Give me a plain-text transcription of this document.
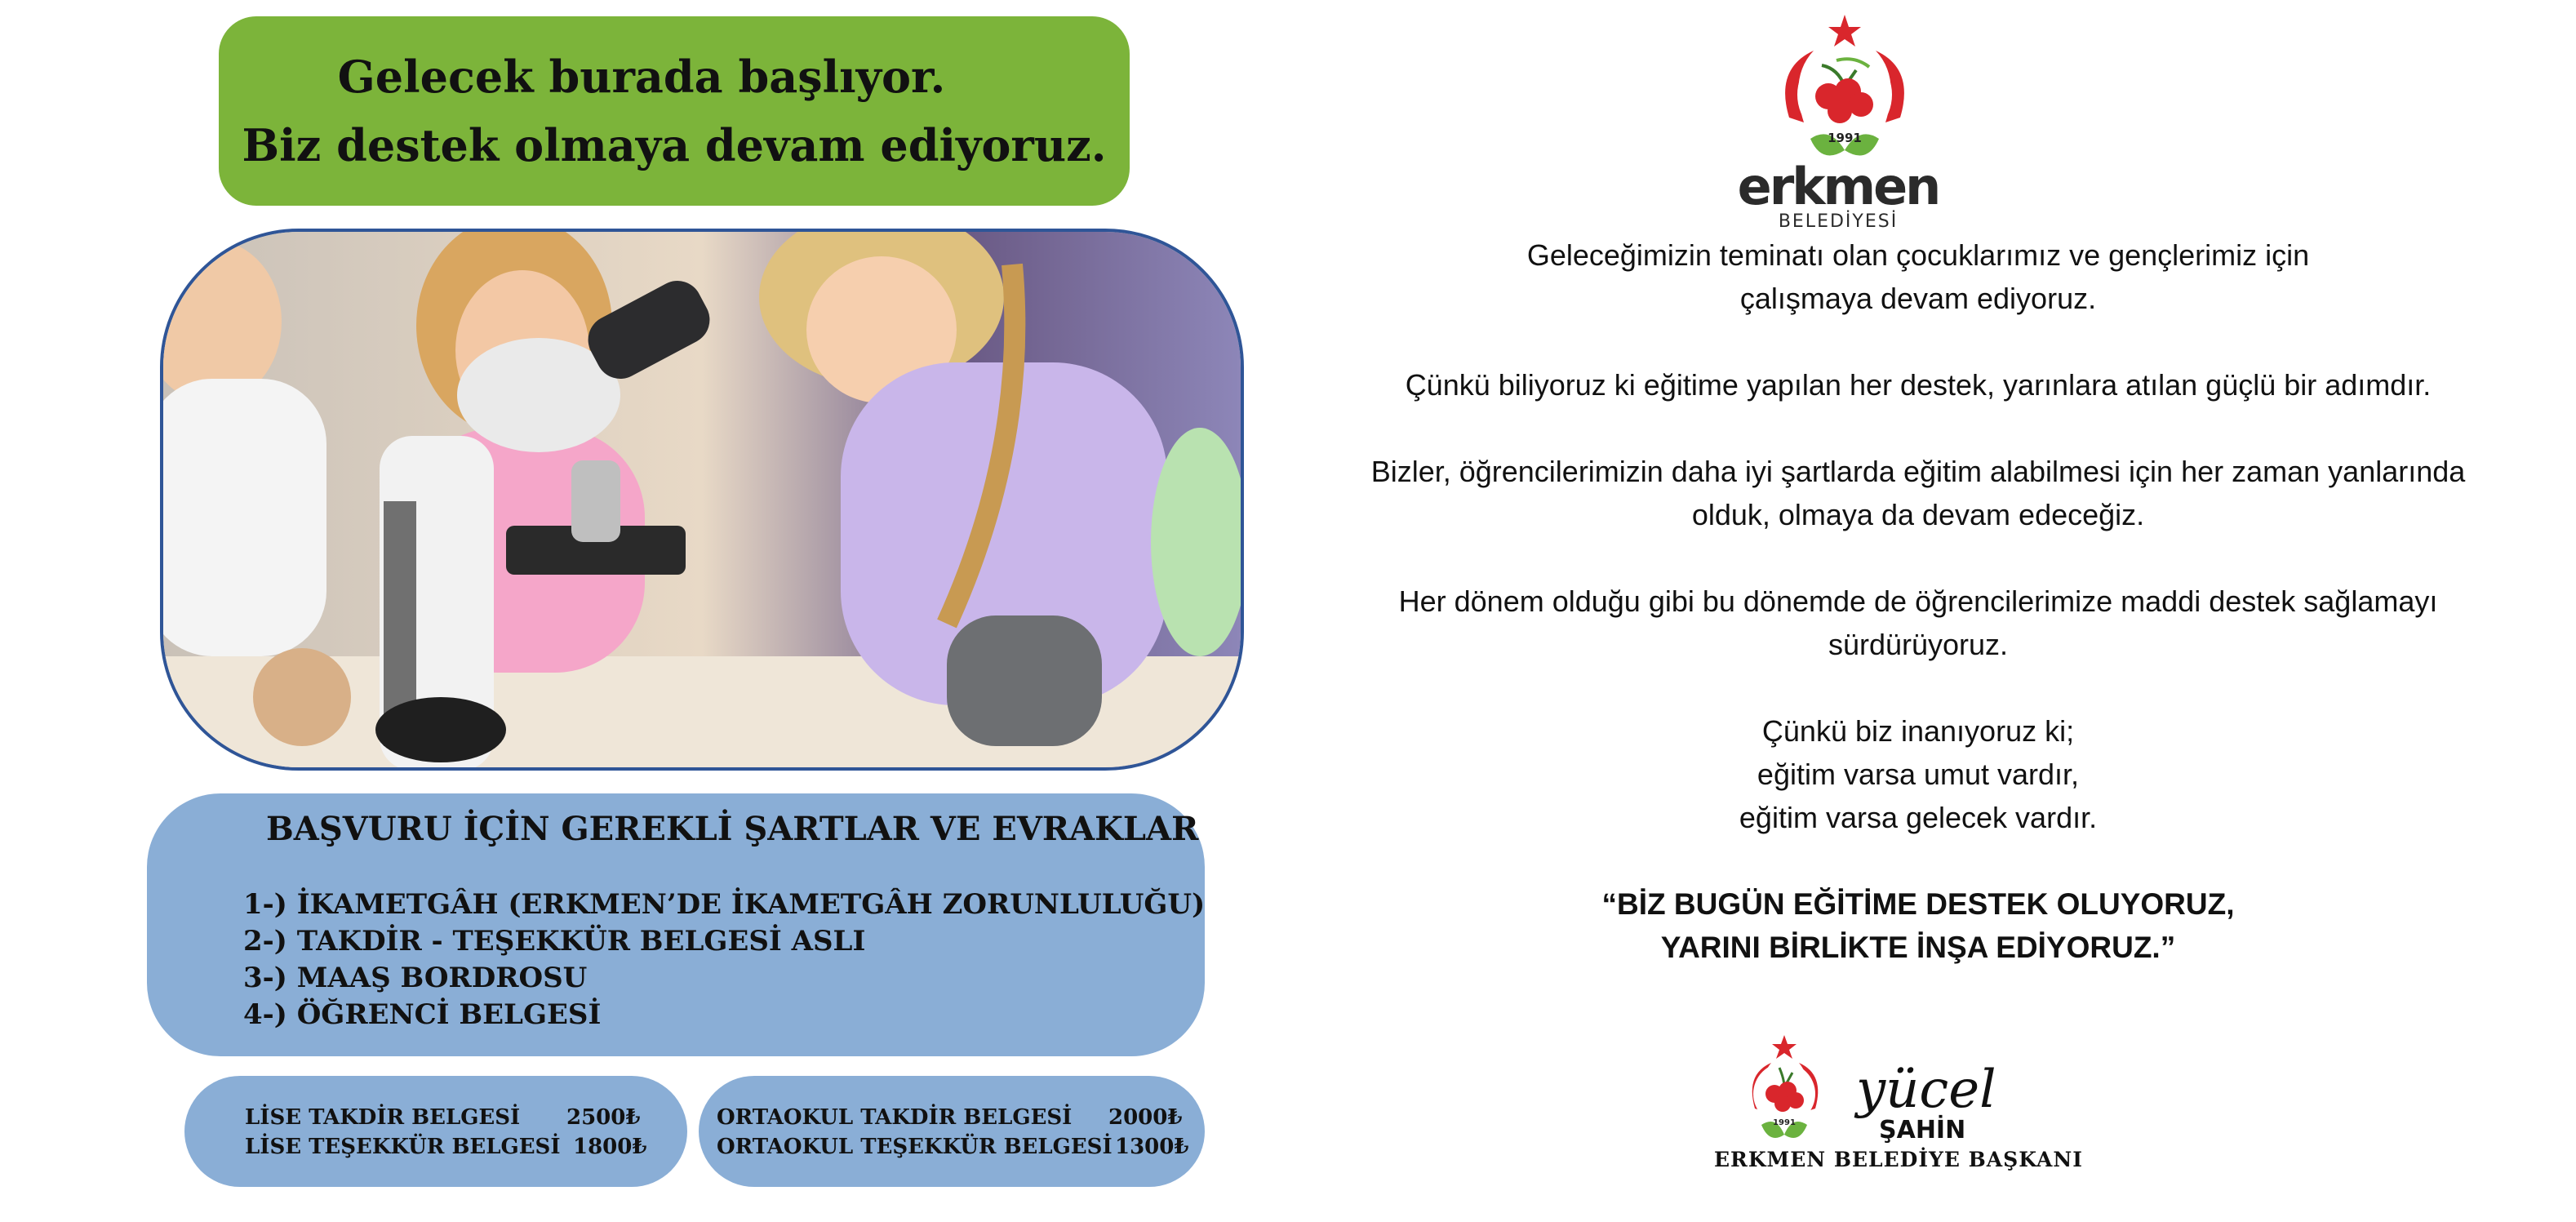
Gelecek burada başlıyor.
Biz destek olmaya devam ediyoruz.
BAŞVURU İÇİN GEREKLİ ŞARTLAR VE EVRAKLAR
1-) İKAMETGÂH (ERKMEN’DE İKAMETGÂH ZORUNLULUĞU)
2-) TAKDİR - TEŞEKKÜR BELGESİ ASLI
3-) MAAŞ BORDROSU
4-) ÖĞRENCİ BELGESİ
LİSE TAKDİR BELGESİ 2500₺
LİSE TEŞEKKÜR BELGESİ 1800₺
ORTAOKUL TAKDİR BELGESİ 2000₺
ORTAOKUL TEŞEKKÜR BELGESİ 1300₺
1991
erkmen
BELEDİYESİ

Geleceğimizin teminatı olan çocuklarımız ve gençlerimiz için
çalışmaya devam ediyoruz.

Çünkü biliyoruz ki eğitime yapılan her destek, yarınlara atılan güçlü bir adımdır.

Bizler, öğrencilerimizin daha iyi şartlarda eğitim alabilmesi için her zaman yanlarında
olduk, olmaya da devam edeceğiz.

Her dönem olduğu gibi bu dönemde de öğrencilerimize maddi destek sağlamayı
sürdürüyoruz.

Çünkü biz inanıyoruz ki;
eğitim varsa umut vardır,
eğitim varsa gelecek vardır.

“BİZ BUGÜN EĞİTİME DESTEK OLUYORUZ,
YARINI BİRLİKTE İNŞA EDİYORUZ.”

1991
yücel
ŞAHİN
ERKMEN BELEDİYE BAŞKANI
